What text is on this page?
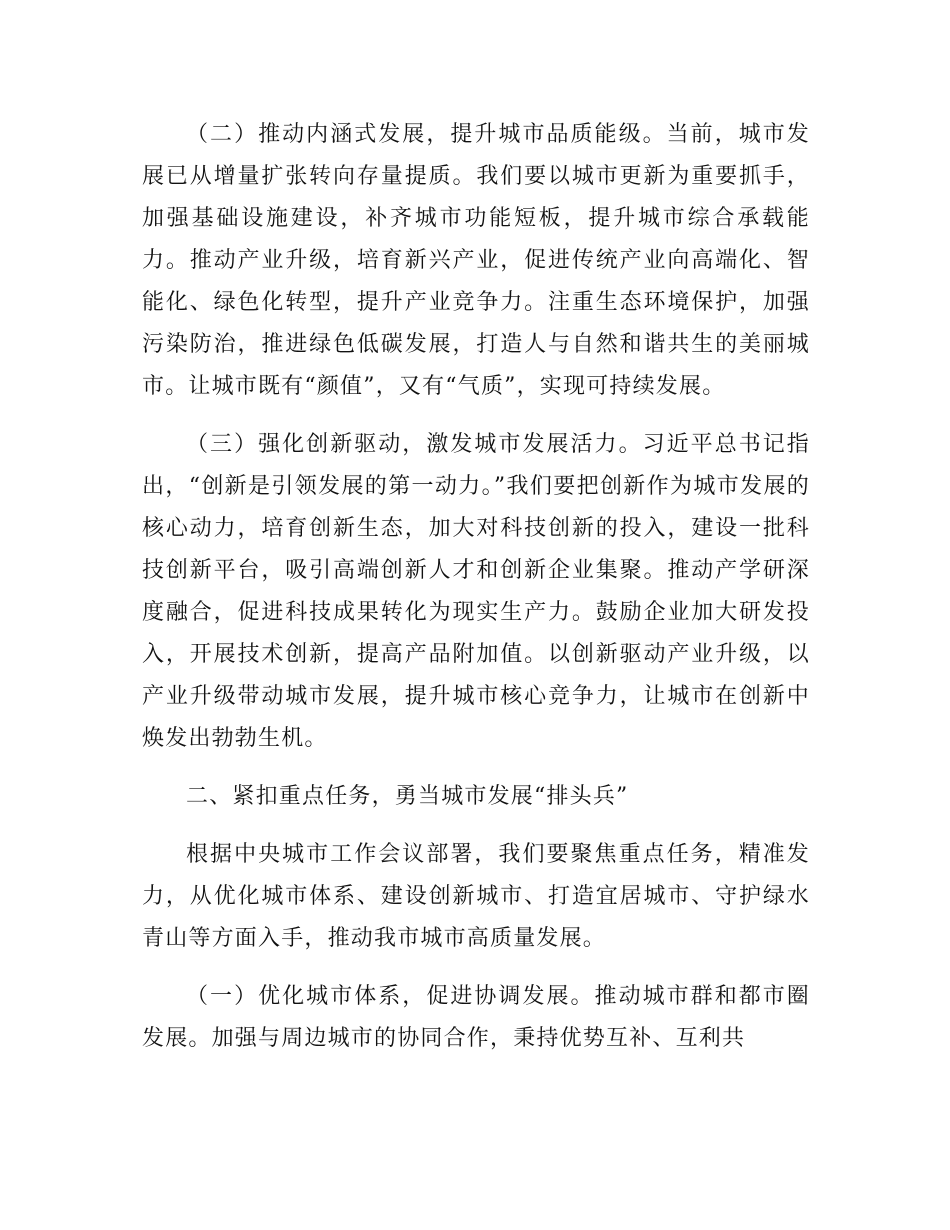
（二）推动内涵式发展，提升城市品质能级。当前，城市发展已从增量扩张转向存量提质。我们要以城市更新为重要抓手，加强基础设施建设，补齐城市功能短板，提升城市综合承载能力。推动产业升级，培育新兴产业，促进传统产业向高端化、智能化、绿色化转型，提升产业竞争力。注重生态环境保护，加强污染防治，推进绿色低碳发展，打造人与自然和谐共生的美丽城市。让城市既有“颜值”，又有“气质”，实现可持续发展。

（三）强化创新驱动，激发城市发展活力。习近平总书记指出，“创新是引领发展的第一动力。”我们要把创新作为城市发展的核心动力，培育创新生态，加大对科技创新的投入，建设一批科技创新平台，吸引高端创新人才和创新企业集聚。推动产学研深度融合，促进科技成果转化为现实生产力。鼓励企业加大研发投入，开展技术创新，提高产品附加值。以创新驱动产业升级，以产业升级带动城市发展，提升城市核心竞争力，让城市在创新中焕发出勃勃生机。

二、紧扣重点任务，勇当城市发展“排头兵”

根据中央城市工作会议部署，我们要聚焦重点任务，精准发力，从优化城市体系、建设创新城市、打造宜居城市、守护绿水青山等方面入手，推动我市城市高质量发展。

（一）优化城市体系，促进协调发展。推动城市群和都市圈发展。加强与周边城市的协同合作，秉持优势互补、互利共
